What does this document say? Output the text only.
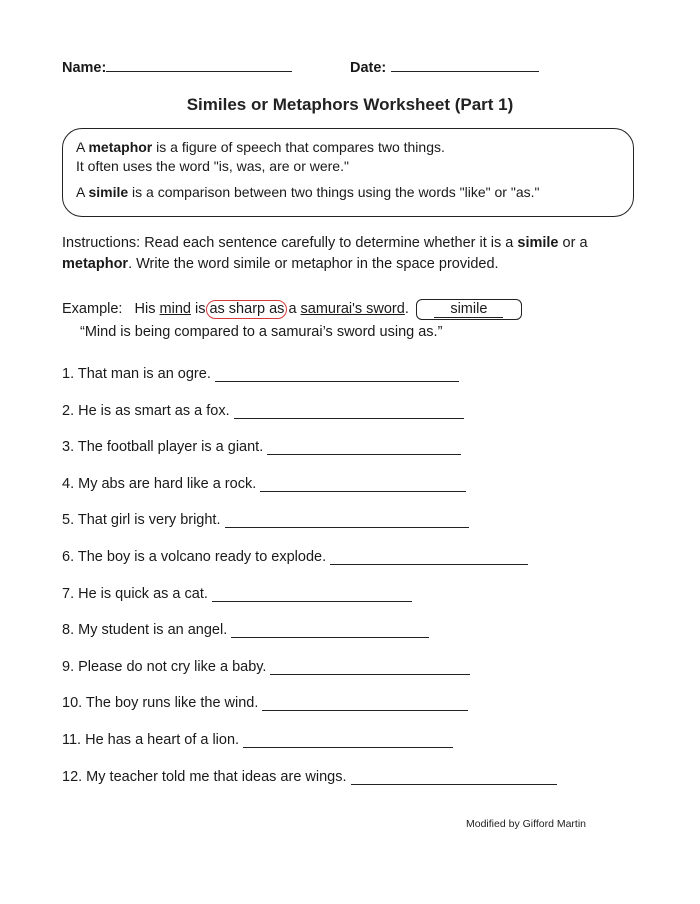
Name:	Date:
Similes or Metaphors Worksheet (Part 1)

A metaphor is a figure of speech that compares two things.

It often uses the word "is, was, are or were."

A simile is a comparison between two things using the words "like" or "as."

Instructions: Read each sentence carefully to determine whether it is a simile or a metaphor. Write the word simile or metaphor in the space provided.
Example: His mind is as sharp as a samurai's sword.	simile
“Mind is being compared to a samurai’s sword using as.”
1. That man is an ogre.
2. He is as smart as a fox.
3. The football player is a giant.
4. My abs are hard like a rock.
5. That girl is very bright.
6. The boy is a volcano ready to explode.
7. He is quick as a cat.
8. My student is an angel.
9. Please do not cry like a baby.
10. The boy runs like the wind.
11. He has a heart of a lion.
12. My teacher told me that ideas are wings.
Modified by Gifford Martin
